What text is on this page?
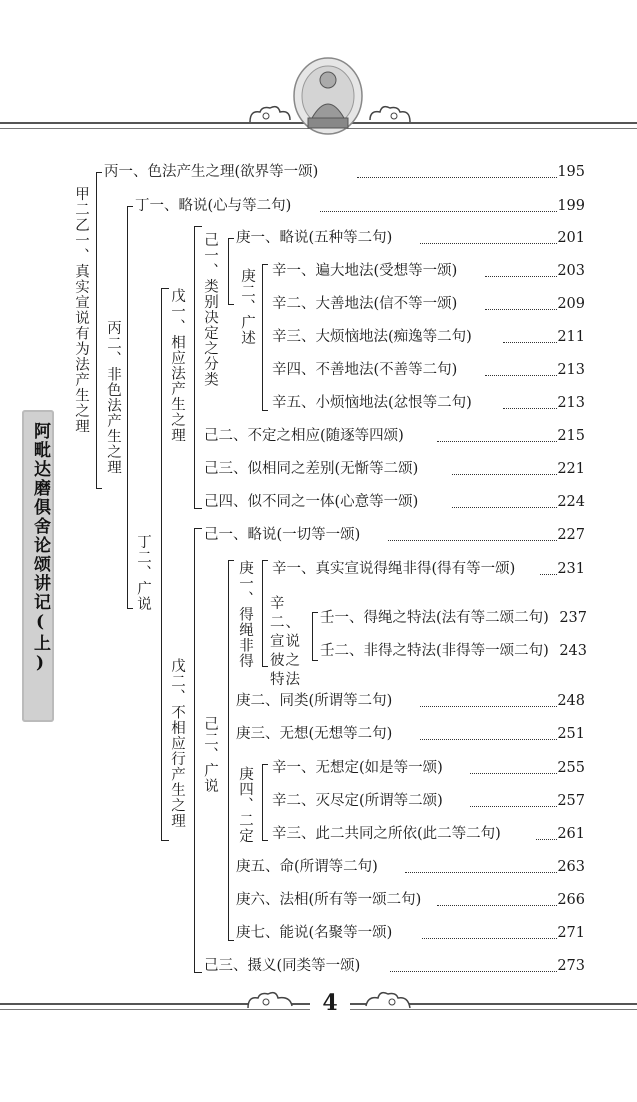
阿毗达磨俱舍论颂讲记(上)
甲二乙一、真实宣说有为法产生之理 丙二、非色法产生之理
丁二、广说
戊一、相应法产生之理
戊二、不相应行产生之理
己一、类别决定之分类 庚二、广述
己二、广说
庚一、得绳非得
庚四、二定
辛二、宣说彼之特法
丙一、色法产生之理(欲界等一颂)	195
丁一、略说(心与等二句)	199
庚一、略说(五种等二句)	201
辛一、遍大地法(受想等一颂)	203
辛二、大善地法(信不等一颂)	209
辛三、大烦恼地法(痴逸等二句)	211
辛四、不善地法(不善等二句)	213
辛五、小烦恼地法(忿恨等二句)	213
己二、不定之相应(随逐等四颂)	215
己三、似相同之差别(无惭等二颂)	221
己四、似不同之一体(心意等一颂)	224
己一、略说(一切等一颂)	227
辛一、真实宣说得绳非得(得有等一颂)	231
壬一、得绳之特法(法有等二颂二句) 237
壬二、非得之特法(非得等一颂二句) 243
庚二、同类(所谓等二句)	248
庚三、无想(无想等二句)	251
辛一、无想定(如是等一颂)	255
辛二、灭尽定(所谓等二颂)	257
辛三、此二共同之所依(此二等二句)	261
庚五、命(所谓等二句)	263
庚六、法相(所有等一颂二句)	266
庚七、能说(名聚等一颂)	271
己三、摄义(同类等一颂)	273
4
